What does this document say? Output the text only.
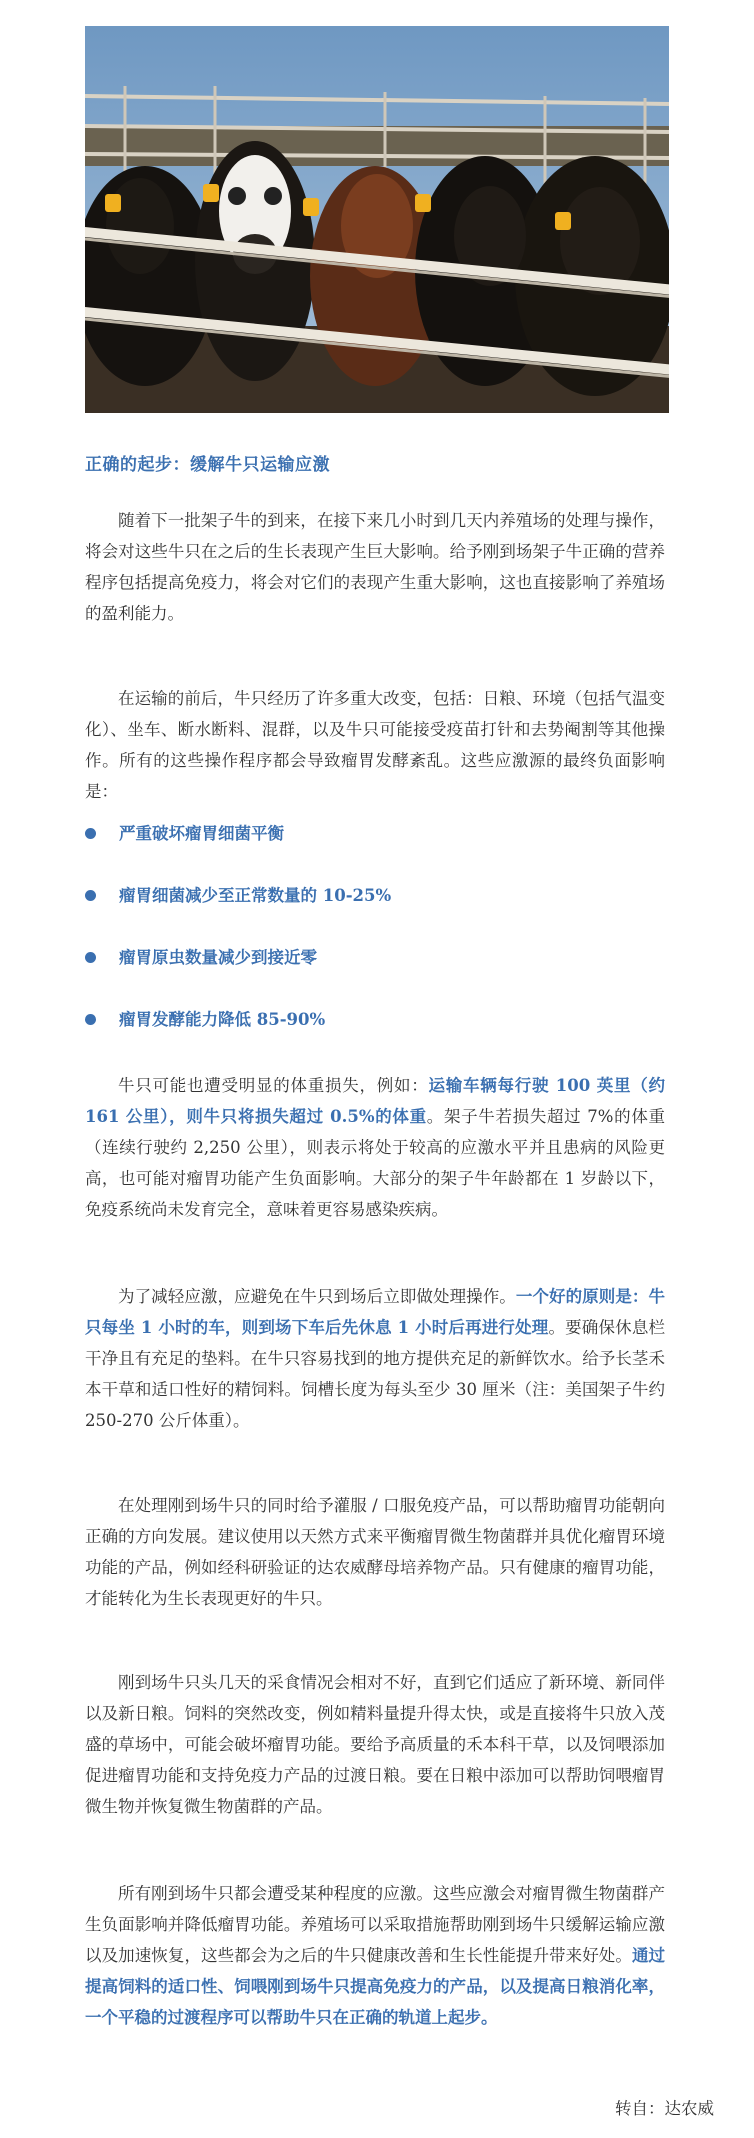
正确的起步：缓解牛只运输应激

随着下一批架子牛的到来，在接下来几小时到几天内养殖场的处理与操作，将会对这些牛只在之后的生长表现产生巨大影响。给予刚到场架子牛正确的营养程序包括提高免疫力，将会对它们的表现产生重大影响，这也直接影响了养殖场的盈利能力。

在运输的前后，牛只经历了许多重大改变，包括：日粮、环境（包括气温变化）、坐车、断水断料、混群，以及牛只可能接受疫苗打针和去势阉割等其他操作。所有的这些操作程序都会导致瘤胃发酵紊乱。这些应激源的最终负面影响是：

严重破坏瘤胃细菌平衡
瘤胃细菌减少至正常数量的 10-25%
瘤胃原虫数量减少到接近零
瘤胃发酵能力降低 85-90%

牛只可能也遭受明显的体重损失，例如：运输车辆每行驶 100 英里（约 161 公里），则牛只将损失超过 0.5%的体重。架子牛若损失超过 7%的体重（连续行驶约 2,250 公里），则表示将处于较高的应激水平并且患病的风险更高，也可能对瘤胃功能产生负面影响。大部分的架子牛年龄都在 1 岁龄以下，免疫系统尚未发育完全，意味着更容易感染疾病。

为了减轻应激，应避免在牛只到场后立即做处理操作。一个好的原则是：牛只每坐 1 小时的车，则到场下车后先休息 1 小时后再进行处理。要确保休息栏干净且有充足的垫料。在牛只容易找到的地方提供充足的新鲜饮水。给予长茎禾本干草和适口性好的精饲料。饲槽长度为每头至少 30 厘米（注：美国架子牛约 250-270 公斤体重）。

在处理刚到场牛只的同时给予灌服 / 口服免疫产品，可以帮助瘤胃功能朝向正确的方向发展。建议使用以天然方式来平衡瘤胃微生物菌群并具优化瘤胃环境功能的产品，例如经科研验证的达农威酵母培养物产品。只有健康的瘤胃功能，才能转化为生长表现更好的牛只。

刚到场牛只头几天的采食情况会相对不好，直到它们适应了新环境、新同伴以及新日粮。饲料的突然改变，例如精料量提升得太快，或是直接将牛只放入茂盛的草场中，可能会破坏瘤胃功能。要给予高质量的禾本科干草，以及饲喂添加促进瘤胃功能和支持免疫力产品的过渡日粮。要在日粮中添加可以帮助饲喂瘤胃微生物并恢复微生物菌群的产品。

所有刚到场牛只都会遭受某种程度的应激。这些应激会对瘤胃微生物菌群产生负面影响并降低瘤胃功能。养殖场可以采取措施帮助刚到场牛只缓解运输应激以及加速恢复，这些都会为之后的牛只健康改善和生长性能提升带来好处。通过提高饲料的适口性、饲喂刚到场牛只提高免疫力的产品，以及提高日粮消化率，一个平稳的过渡程序可以帮助牛只在正确的轨道上起步。

转自：达农威
